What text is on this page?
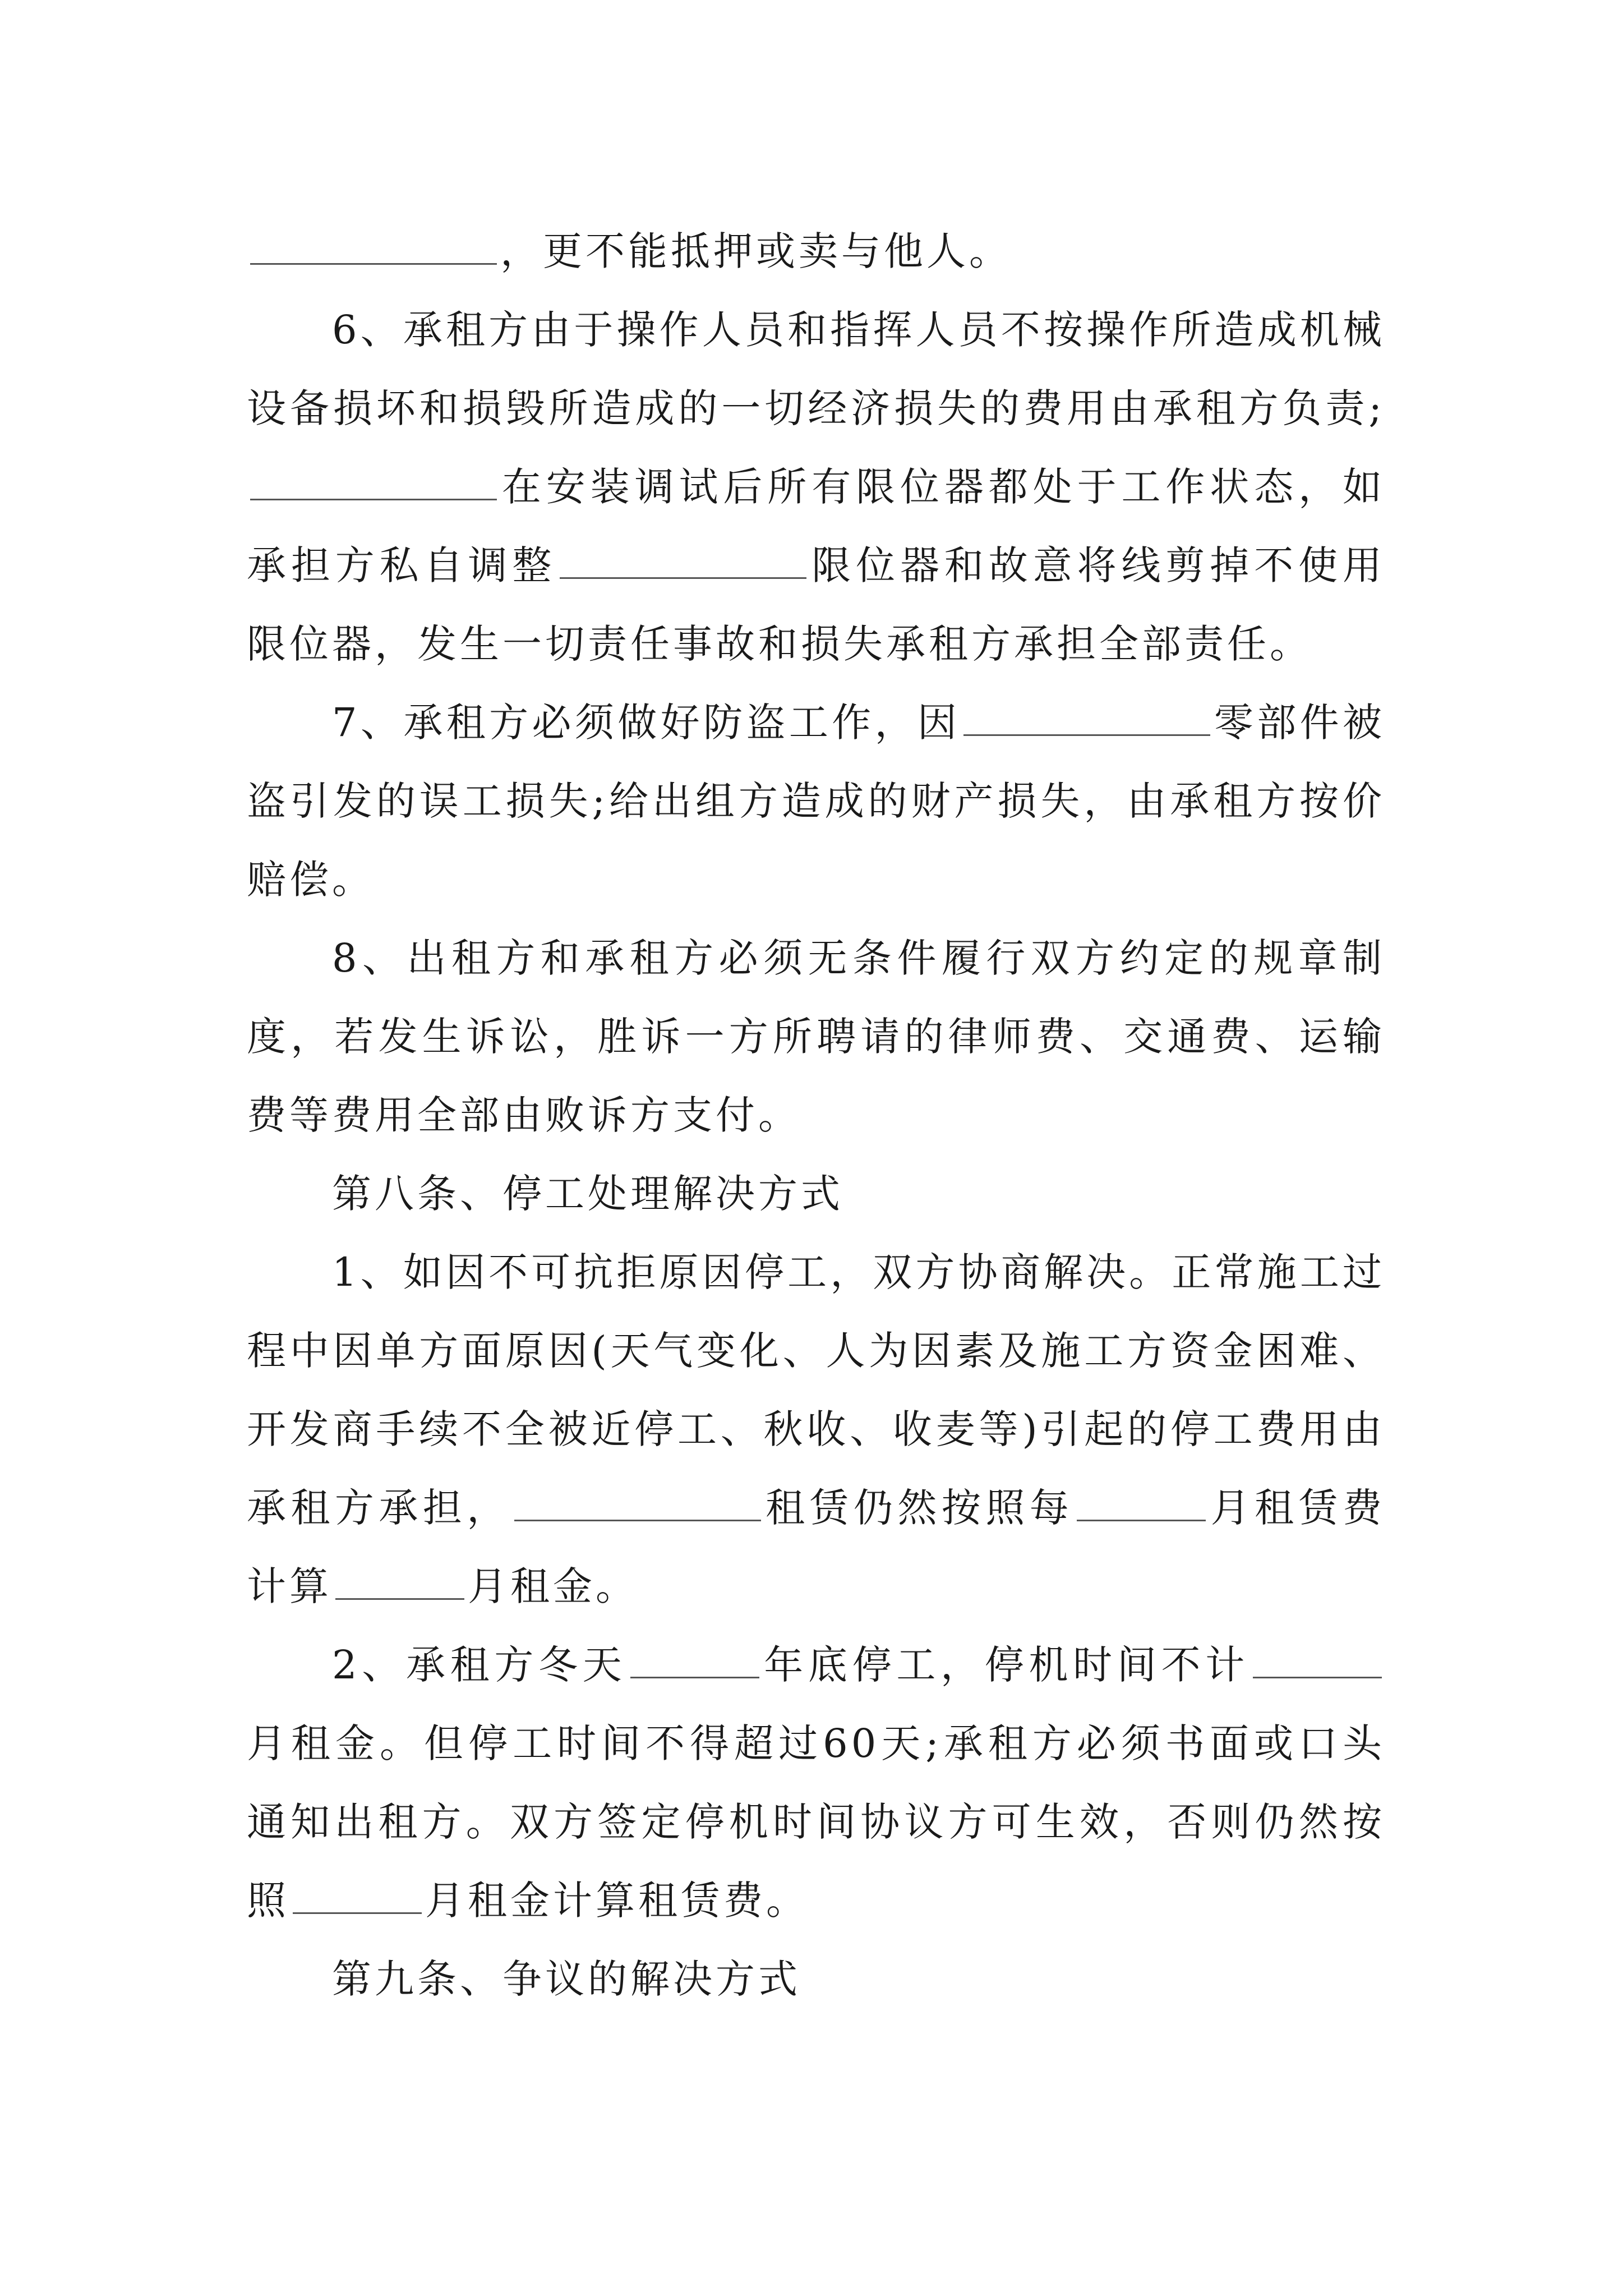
，更不能抵押或卖与他人。

6、承租方由于操作人员和指挥人员不按操作所造成机械设备损坏和损毁所造成的一切经济损失的费用由承租方负责;在安装调试后所有限位器都处于工作状态，如承担方私自调整	限位器和故意将线剪掉不使用限位器，发生一切责任事故和损失承租方承担全部责任。

7、承租方必须做好防盗工作，因	零部件被盗引发的误工损失;给出组方造成的财产损失，由承租方按价赔偿。

8、出租方和承租方必须无条件履行双方约定的规章制度，若发生诉讼，胜诉一方所聘请的律师费、交通费、运输费等费用全部由败诉方支付。

第八条、停工处理解决方式

1、如因不可抗拒原因停工，双方协商解决。正常施工过程中因单方面原因(天气变化、人为因素及施工方资金困难、开发商手续不全被近停工、秋收、收麦等)引起的停工费用由承租方承担，	租赁仍然按照每	月租赁费计算	月租金。

2、承租方冬天	年底停工，停机时间不计月租金。但停工时间不得超过60天;承租方必须书面或口头通知出租方。双方签定停机时间协议方可生效，否则仍然按照	月租金计算租赁费。

第九条、争议的解决方式
